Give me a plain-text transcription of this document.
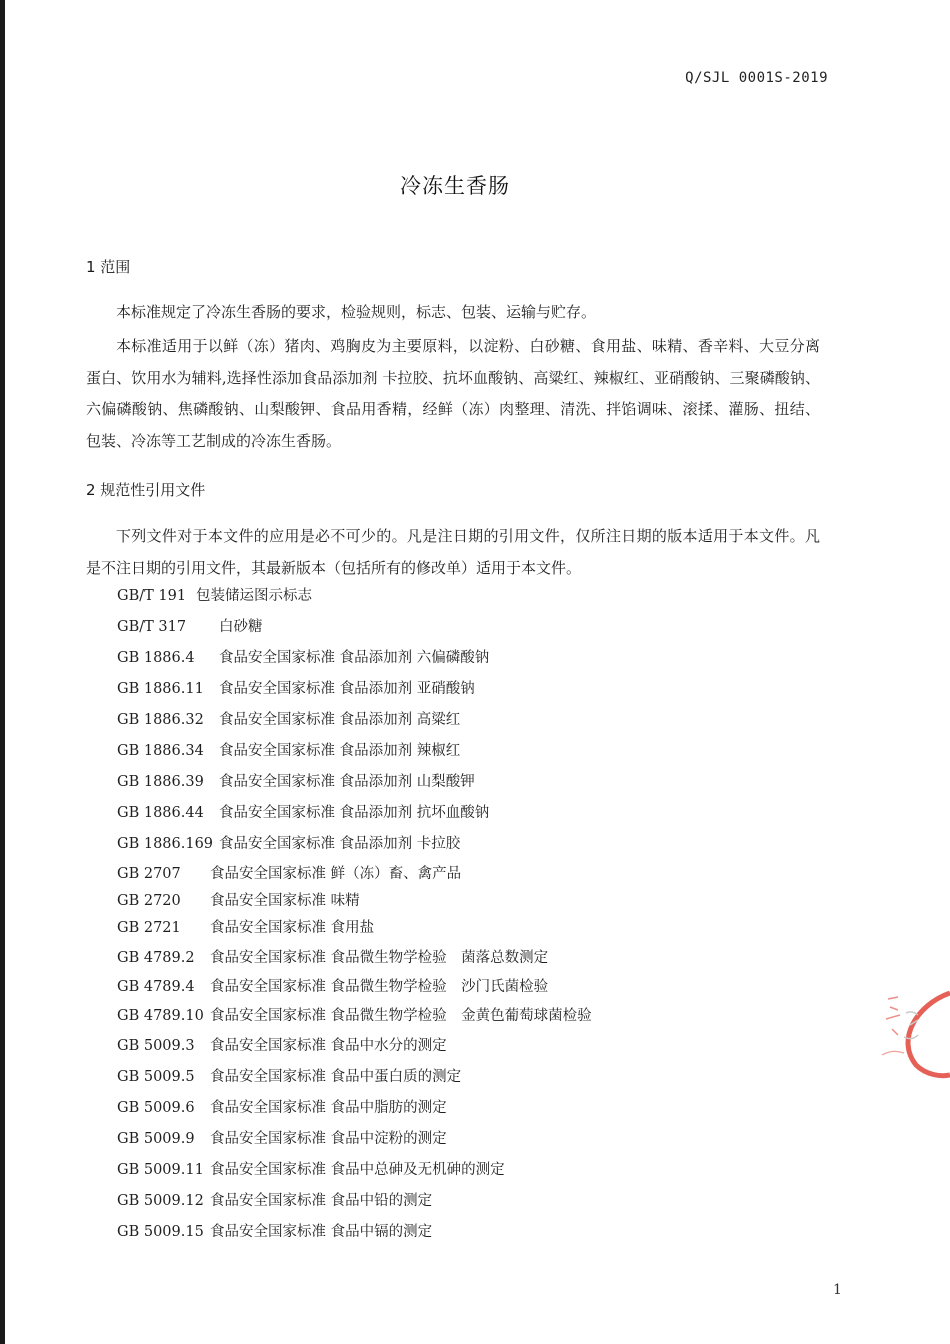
Q/SJL 0001S-2019
冷冻生香肠
1 范围

本标准规定了冷冻生香肠的要求，检验规则，标志、包装、运输与贮存。

本标准适用于以鲜（冻）猪肉、鸡胸皮为主要原料，以淀粉、白砂糖、食用盐、味精、香辛料、大豆分离蛋白、饮用水为辅料,选择性添加食品添加剂 卡拉胶、抗坏血酸钠、高粱红、辣椒红、亚硝酸钠、三聚磷酸钠、六偏磷酸钠、焦磷酸钠、山梨酸钾、食品用香精，经鲜（冻）肉整理、清洗、拌馅调味、滚揉、灌肠、扭结、包装、冷冻等工艺制成的冷冻生香肠。

2 规范性引用文件

下列文件对于本文件的应用是必不可少的。凡是注日期的引用文件，仅所注日期的版本适用于本文件。凡是不注日期的引用文件，其最新版本（包括所有的修改单）适用于本文件。

GB/T 191 包装储运图示标志
GB/T 317 白砂糖
GB 1886.4 食品安全国家标准 食品添加剂 六偏磷酸钠
GB 1886.11 食品安全国家标准 食品添加剂 亚硝酸钠
GB 1886.32 食品安全国家标准 食品添加剂 高粱红
GB 1886.34 食品安全国家标准 食品添加剂 辣椒红
GB 1886.39 食品安全国家标准 食品添加剂 山梨酸钾
GB 1886.44 食品安全国家标准 食品添加剂 抗坏血酸钠
GB 1886.169 食品安全国家标准 食品添加剂 卡拉胶
GB 2707 食品安全国家标准 鲜（冻）畜、禽产品
GB 2720 食品安全国家标准 味精
GB 2721 食品安全国家标准 食用盐
GB 4789.2 食品安全国家标准 食品微生物学检验　菌落总数测定
GB 4789.4 食品安全国家标准 食品微生物学检验　沙门氏菌检验
GB 4789.10 食品安全国家标准 食品微生物学检验　金黄色葡萄球菌检验
GB 5009.3 食品安全国家标准 食品中水分的测定
GB 5009.5 食品安全国家标准 食品中蛋白质的测定
GB 5009.6 食品安全国家标准 食品中脂肪的测定
GB 5009.9 食品安全国家标准 食品中淀粉的测定
GB 5009.11 食品安全国家标准 食品中总砷及无机砷的测定
GB 5009.12 食品安全国家标准 食品中铅的测定
GB 5009.15 食品安全国家标准 食品中镉的测定
1
